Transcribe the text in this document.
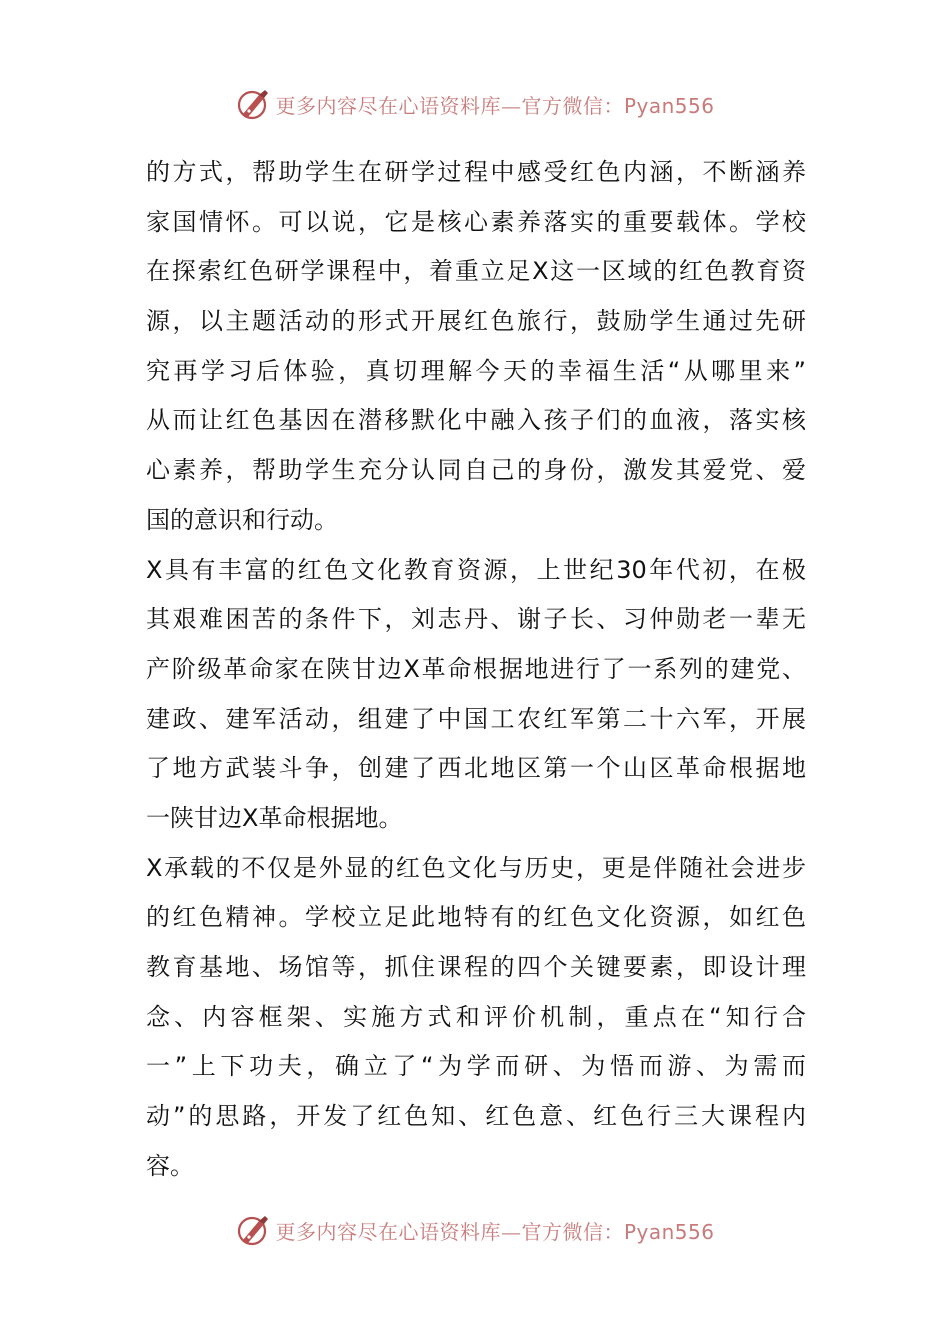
更多内容尽在心语资料库—官方微信：Pyan556
的方式，帮助学生在研学过程中感受红色内涵，不断涵养
家国情怀。可以说，它是核心素养落实的重要载体。学校
在探索红色研学课程中，着重立足X这一区域的红色教育资
源，以主题活动的形式开展红色旅行，鼓励学生通过先研
究再学习后体验，真切理解今天的幸福生活“从哪里来”
从而让红色基因在潜移默化中融入孩子们的血液，落实核
心素养，帮助学生充分认同自己的身份，激发其爱党、爱
国的意识和行动。
X具有丰富的红色文化教育资源，上世纪30年代初，在极
其艰难困苦的条件下，刘志丹、谢子长、习仲勋老一辈无
产阶级革命家在陕甘边X革命根据地进行了一系列的建党、
建政、建军活动，组建了中国工农红军第二十六军，开展
了地方武装斗争，创建了西北地区第一个山区革命根据地
一陕甘边X革命根据地。
X承载的不仅是外显的红色文化与历史，更是伴随社会进步
的红色精神。学校立足此地特有的红色文化资源，如红色
教育基地、场馆等，抓住课程的四个关键要素，即设计理
念、内容框架、实施方式和评价机制，重点在“知行合
一”上下功夫，确立了“为学而研、为悟而游、为需而
动”的思路，开发了红色知、红色意、红色行三大课程内
容。
更多内容尽在心语资料库—官方微信：Pyan556
